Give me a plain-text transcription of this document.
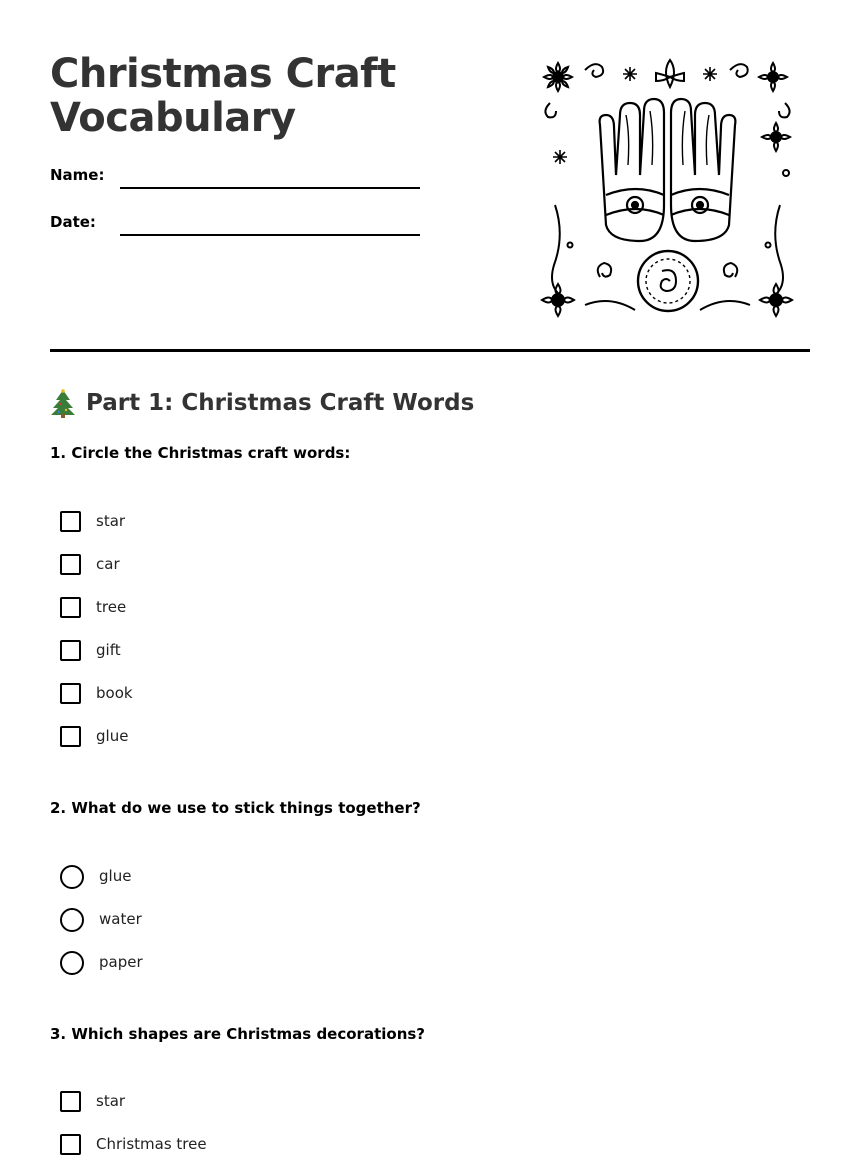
Christmas Craft
Vocabulary
Name:
Date:
Part 1: Christmas Craft Words

1. Circle the Christmas craft words:

star
car
tree
gift
book
glue

2. What do we use to stick things together?

glue
water
paper

3. Which shapes are Christmas decorations?

star
Christmas tree
